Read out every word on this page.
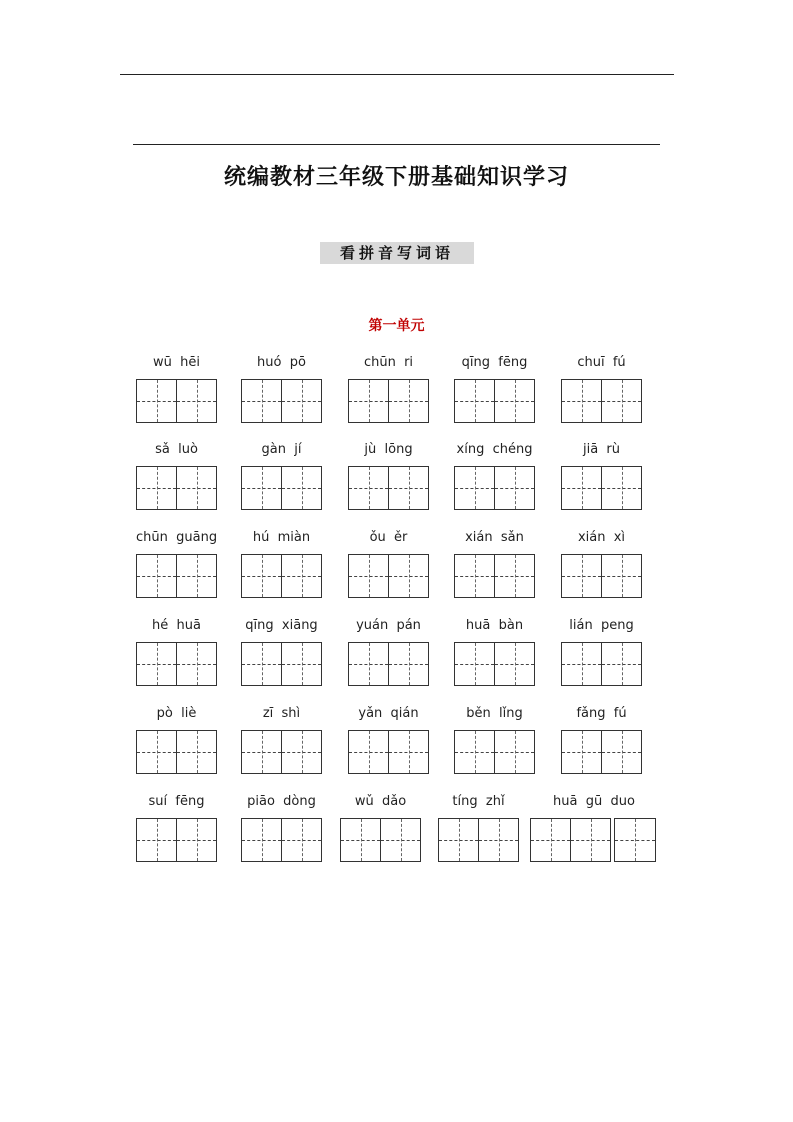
统编教材三年级下册基础知识学习
看拼音写词语
第一单元
wū  hēi	huó  pō	chūn  ri	qīng  fēng	chuī  fú
sǎ  luò	gàn  jí	jù  lōng	xíng  chéng	jiā  rù
chūn  guāng	hú  miàn	ǒu  ěr	xián  sǎn	xián  xì
hé  huā	qīng  xiāng	yuán  pán	huā  bàn	lián  peng
pò  liè	zī  shì	yǎn  qián	běn  lǐng	fǎng  fú
suí  fēng	piāo  dòng	wǔ  dǎo	tíng  zhǐ	huā  gū  duo
